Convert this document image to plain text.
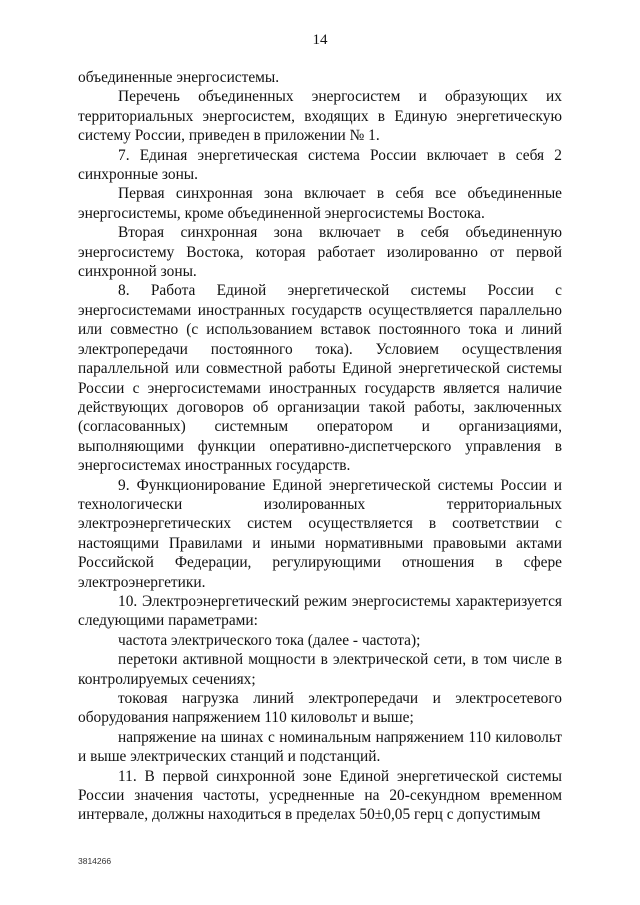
14

объединенные энергосистемы.

Перечень объединенных энергосистем и образующих их территориальных энергосистем, входящих в Единую энергетическую систему России, приведен в приложении № 1.

7. Единая энергетическая система России включает в себя 2 синхронные зоны.

Первая синхронная зона включает в себя все объединенные энергосистемы, кроме объединенной энергосистемы Востока.

Вторая синхронная зона включает в себя объединенную энергосистему Востока, которая работает изолированно от первой синхронной зоны.

8. Работа Единой энергетической системы России с энергосистемами иностранных государств осуществляется параллельно или совместно (с использованием вставок постоянного тока и линий электропередачи постоянного тока). Условием осуществления параллельной или совместной работы Единой энергетической системы России с энергосистемами иностранных государств является наличие действующих договоров об организации такой работы, заключенных (согласованных) системным оператором и организациями, выполняющими функции оперативно-диспетчерского управления в энергосистемах иностранных государств.

9. Функционирование Единой энергетической системы России и технологически изолированных территориальных электроэнергетических систем осуществляется в соответствии с настоящими Правилами и иными нормативными правовыми актами Российской Федерации, регулирующими отношения в сфере электроэнергетики.

10. Электроэнергетический режим энергосистемы характеризуется следующими параметрами:

частота электрического тока (далее - частота);

перетоки активной мощности в электрической сети, в том числе в контролируемых сечениях;

токовая нагрузка линий электропередачи и электросетевого оборудования напряжением 110 киловольт и выше;

напряжение на шинах с номинальным напряжением 110 киловольт и выше электрических станций и подстанций.

11. В первой синхронной зоне Единой энергетической системы России значения частоты, усредненные на 20-секундном временном интервале, должны находиться в пределах 50±0,05 герц с допустимым

3814266
